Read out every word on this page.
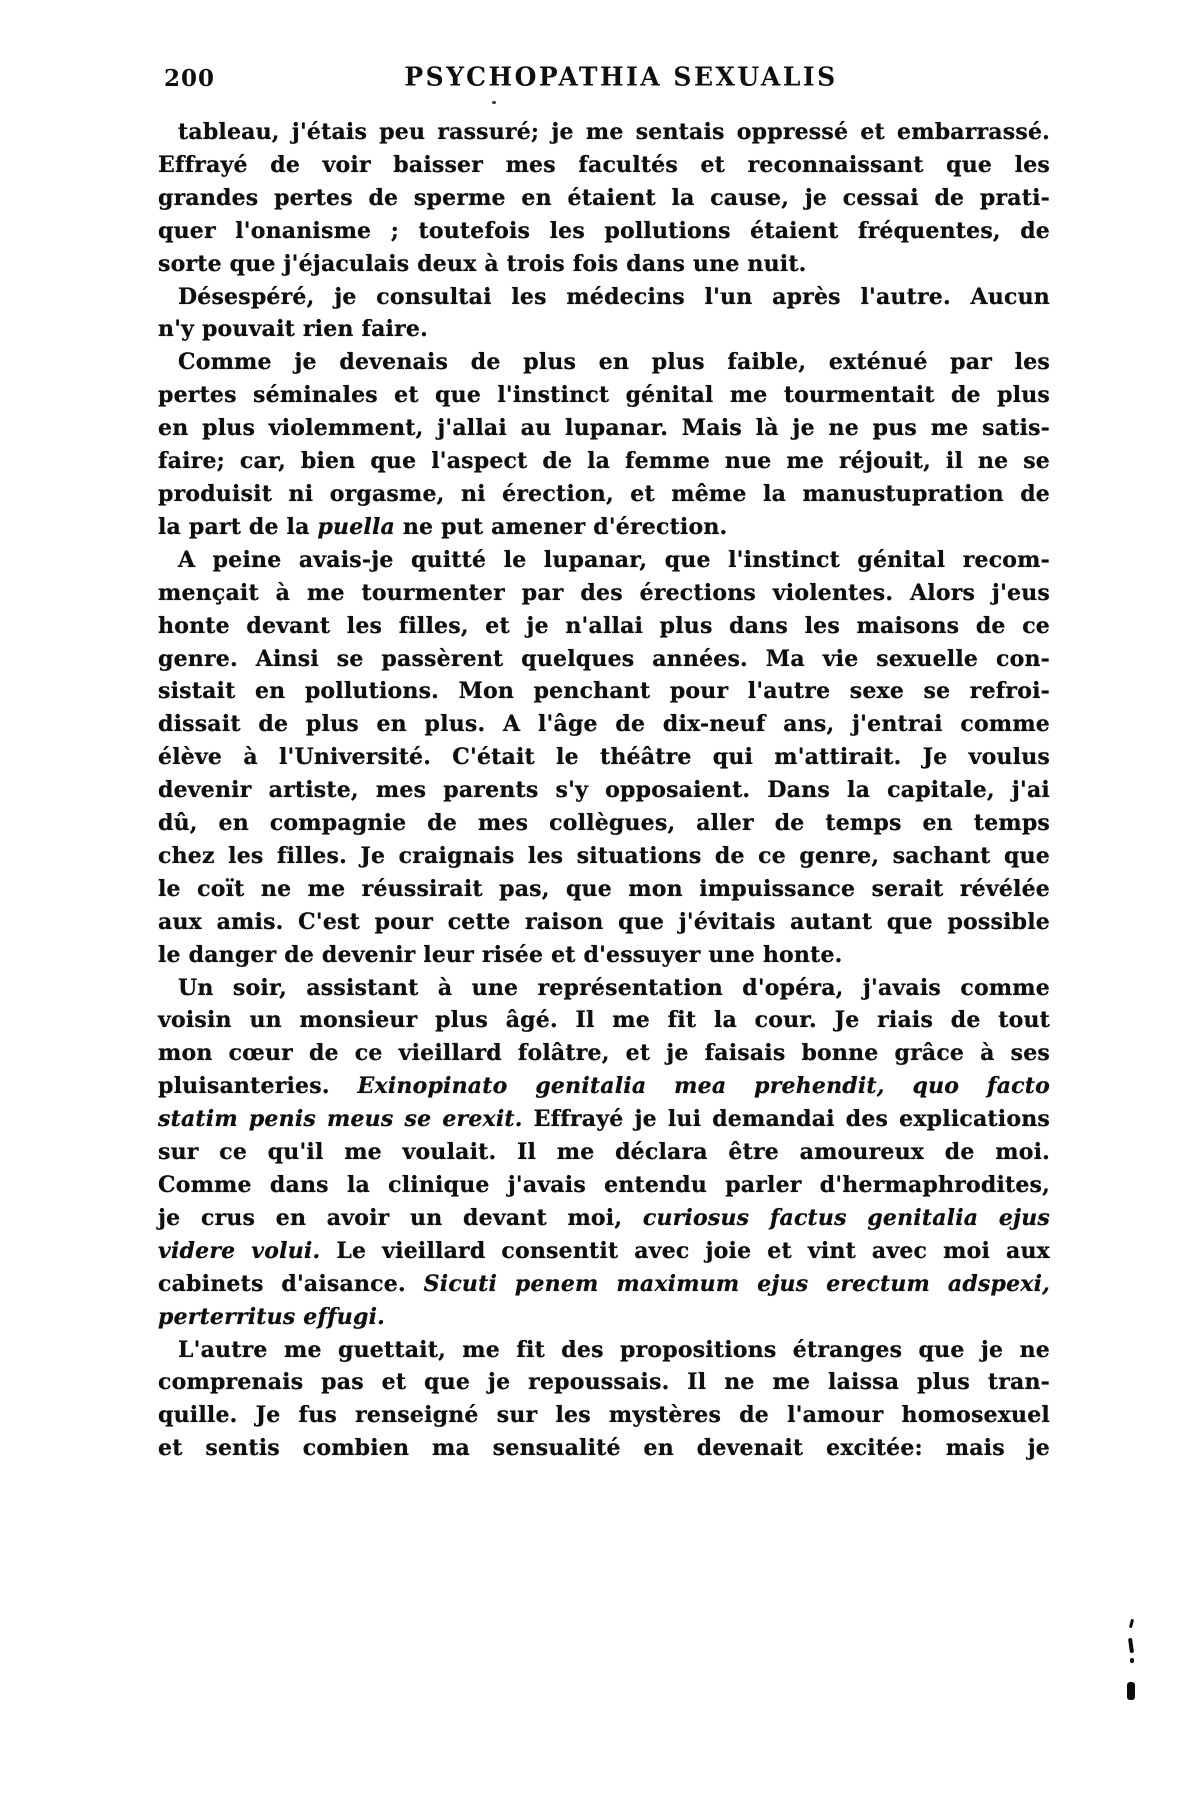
200	PSYCHOPATHIA SEXUALIS

tableau, j'étais peu rassuré; je me sentais oppressé et embarrassé.
Effrayé de voir baisser mes facultés et reconnaissant que les
grandes pertes de sperme en étaient la cause, je cessai de prati-
quer l'onanisme ; toutefois les pollutions étaient fréquentes, de
sorte que j'éjaculais deux à trois fois dans une nuit.

Désespéré, je consultai les médecins l'un après l'autre. Aucun
n'y pouvait rien faire.

Comme je devenais de plus en plus faible, exténué par les
pertes séminales et que l'instinct génital me tourmentait de plus
en plus violemment, j'allai au lupanar. Mais là je ne pus me satis-
faire; car, bien que l'aspect de la femme nue me réjouit, il ne se
produisit ni orgasme, ni érection, et même la manustupration de
la part de la puella ne put amener d'érection.

A peine avais-je quitté le lupanar, que l'instinct génital recom-
mençait à me tourmenter par des érections violentes. Alors j'eus
honte devant les filles, et je n'allai plus dans les maisons de ce
genre. Ainsi se passèrent quelques années. Ma vie sexuelle con-
sistait en pollutions. Mon penchant pour l'autre sexe se refroi-
dissait de plus en plus. A l'âge de dix-neuf ans, j'entrai comme
élève à l'Université. C'était le théâtre qui m'attirait. Je voulus
devenir artiste, mes parents s'y opposaient. Dans la capitale, j'ai
dû, en compagnie de mes collègues, aller de temps en temps
chez les filles. Je craignais les situations de ce genre, sachant que
le coït ne me réussirait pas, que mon impuissance serait révélée
aux amis. C'est pour cette raison que j'évitais autant que possible
le danger de devenir leur risée et d'essuyer une honte.

Un soir, assistant à une représentation d'opéra, j'avais comme
voisin un monsieur plus âgé. Il me fit la cour. Je riais de tout
mon cœur de ce vieillard folâtre, et je faisais bonne grâce à ses
pluisanteries. Exinopinato genitalia mea prehendit, quo facto
statim penis meus se erexit. Effrayé je lui demandai des explications
sur ce qu'il me voulait. Il me déclara être amoureux de moi.
Comme dans la clinique j'avais entendu parler d'hermaphrodites,
je crus en avoir un devant moi, curiosus factus genitalia ejus
videre volui. Le vieillard consentit avec joie et vint avec moi aux
cabinets d'aisance. Sicuti penem maximum ejus erectum adspexi,
perterritus effugi.

L'autre me guettait, me fit des propositions étranges que je ne
comprenais pas et que je repoussais. Il ne me laissa plus tran-
quille. Je fus renseigné sur les mystères de l'amour homosexuel
et sentis combien ma sensualité en devenait excitée: mais je
